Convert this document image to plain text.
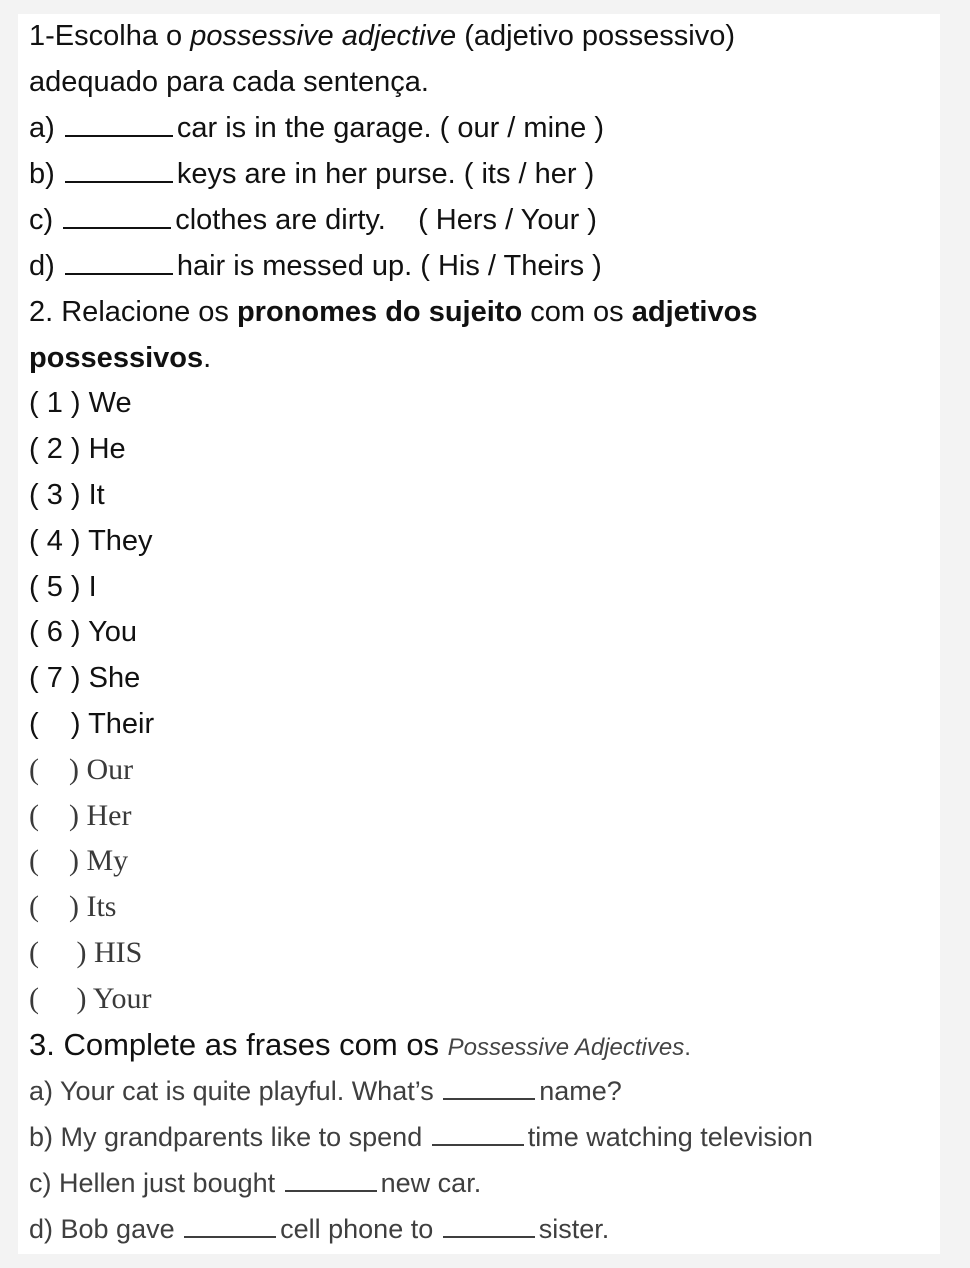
1-Escolha o possessive adjective (adjetivo possessivo)
adequado para cada sentença.
a)	car is in the garage. ( our / mine )
b)	keys are in her purse. ( its / her )
c)	clothes are dirty.    ( Hers / Your )
d)	hair is messed up. ( His / Theirs )
2. Relacione os pronomes do sujeito com os adjetivos
possessivos.
( 1 ) We
( 2 ) He
( 3 ) It
( 4 ) They
( 5 ) I
( 6 ) You
( 7 ) She
(    ) Their
(    ) Our
(    ) Her
(    ) My
(    ) Its
(     ) HIS
(     ) Your
3. Complete as frases com os Possessive Adjectives.
a) Your cat is quite playful. What’s	name?
b) My grandparents like to spend	time watching television
c) Hellen just bought	new car.
d) Bob gave	cell phone to	sister.
